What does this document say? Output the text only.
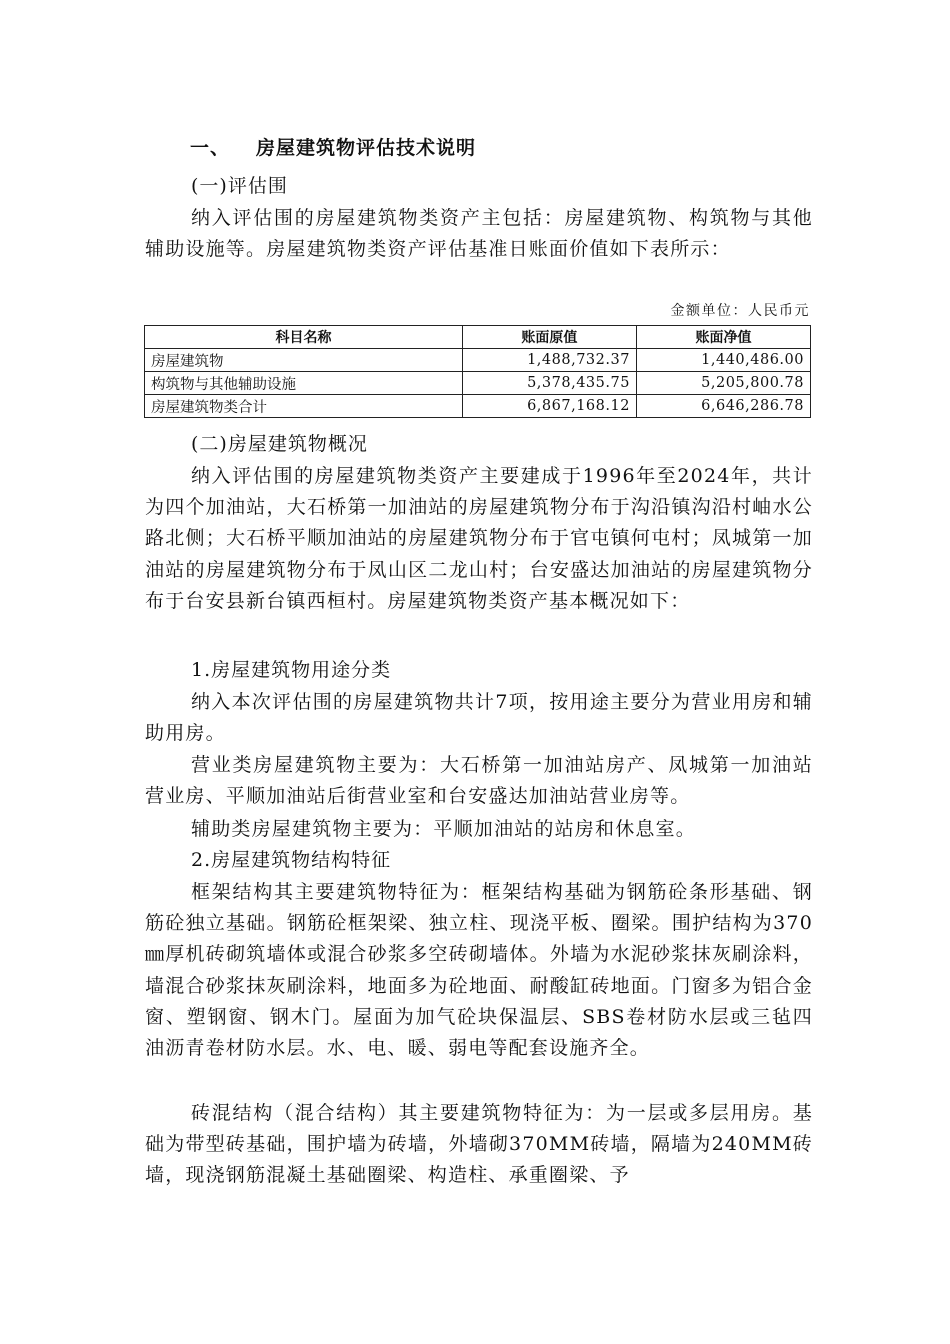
一、 房屋建筑物评估技术说明
(一)评估围
纳入评估围的房屋建筑物类资产主包括：房屋建筑物、构筑物与其他辅助设施等。房屋建筑物类资产评估基准日账面价值如下表所示：
金额单位：人民币元
科目名称	账面原值	账面净值
房屋建筑物	1,488,732.37	1,440,486.00
构筑物与其他辅助设施	5,378,435.75	5,205,800.78
房屋建筑物类合计	6,867,168.12	6,646,286.78
(二)房屋建筑物概况
纳入评估围的房屋建筑物类资产主要建成于1996年至2024年，共计为四个加油站，大石桥第一加油站的房屋建筑物分布于沟沿镇沟沿村岫水公路北侧；大石桥平顺加油站的房屋建筑物分布于官屯镇何屯村；凤城第一加油站的房屋建筑物分布于凤山区二龙山村；台安盛达加油站的房屋建筑物分布于台安县新台镇西桓村。房屋建筑物类资产基本概况如下：
1.房屋建筑物用途分类
纳入本次评估围的房屋建筑物共计7项，按用途主要分为营业用房和辅助用房。
营业类房屋建筑物主要为：大石桥第一加油站房产、凤城第一加油站营业房、平顺加油站后街营业室和台安盛达加油站营业房等。
辅助类房屋建筑物主要为：平顺加油站的站房和休息室。
2.房屋建筑物结构特征
框架结构其主要建筑物特征为：框架结构基础为钢筋砼条形基础、钢筋砼独立基础。钢筋砼框架梁、独立柱、现浇平板、圈梁。围护结构为370㎜厚机砖砌筑墙体或混合砂浆多空砖砌墙体。外墙为水泥砂浆抹灰刷涂料，墙混合砂浆抹灰刷涂料，地面多为砼地面、耐酸缸砖地面。门窗多为铝合金窗、塑钢窗、钢木门。屋面为加气砼块保温层、SBS卷材防水层或三毡四油沥青卷材防水层。水、电、暖、弱电等配套设施齐全。
砖混结构（混合结构）其主要建筑物特征为：为一层或多层用房。基础为带型砖基础，围护墙为砖墙，外墙砌370MM砖墙，隔墙为240MM砖墙，现浇钢筋混凝土基础圈梁、构造柱、承重圈梁、予
